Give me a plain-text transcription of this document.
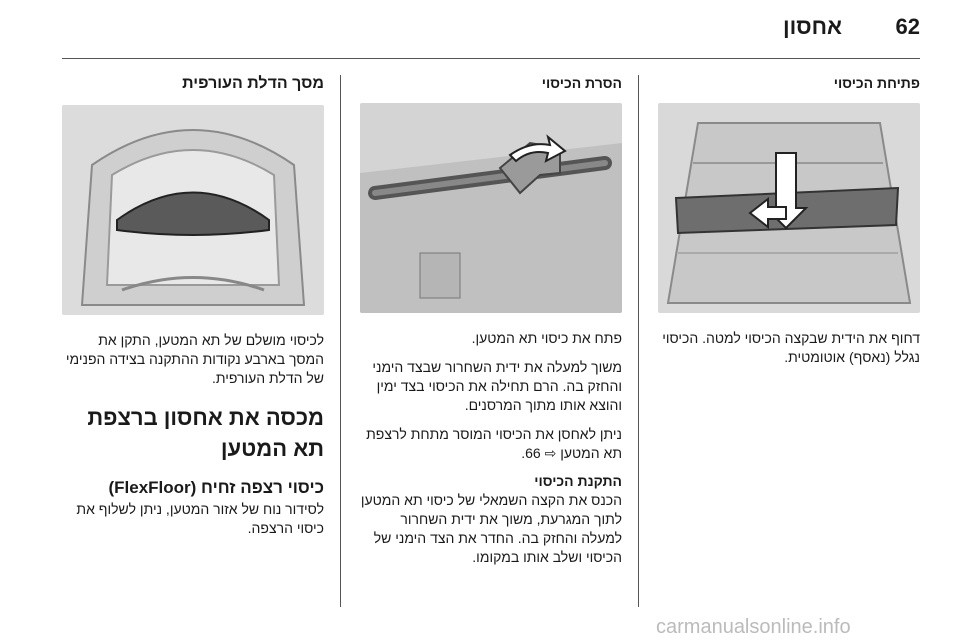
אחסון 62
פתיחת הכיסוי

דחוף את הידית שבקצה הכיסוי למטה. הכיסוי נגלל (נאסף) אוטומטית.

הסרת הכיסוי

פתח את כיסוי תא המטען.

משוך למעלה את ידית השחרור שבצד הימני והחזק בה. הרם תחילה את הכיסוי בצד ימין והוצא אותו מתוך המרסנים.

ניתן לאחסן את הכיסוי המוסר מתחת לרצפת תא המטען ⇨ 66.

התקנת הכיסוי

הכנס את הקצה השמאלי של כיסוי תא המטען לתוך המגרעת, משוך את ידית השחרור למעלה והחזק בה. החדר את הצד הימני של הכיסוי ושלב אותו במקומו.

מסך הדלת העורפית

לכיסוי מושלם של תא המטען, התקן את המסך בארבע נקודות ההתקנה בצידה הפנימי של הדלת העורפית.

מכסה את אחסון ברצפת תא המטען
כיסוי רצפה זחיח (FlexFloor)

לסידור נוח של אזור המטען, ניתן לשלוף את כיסוי הרצפה.

carmanualsonline.info
